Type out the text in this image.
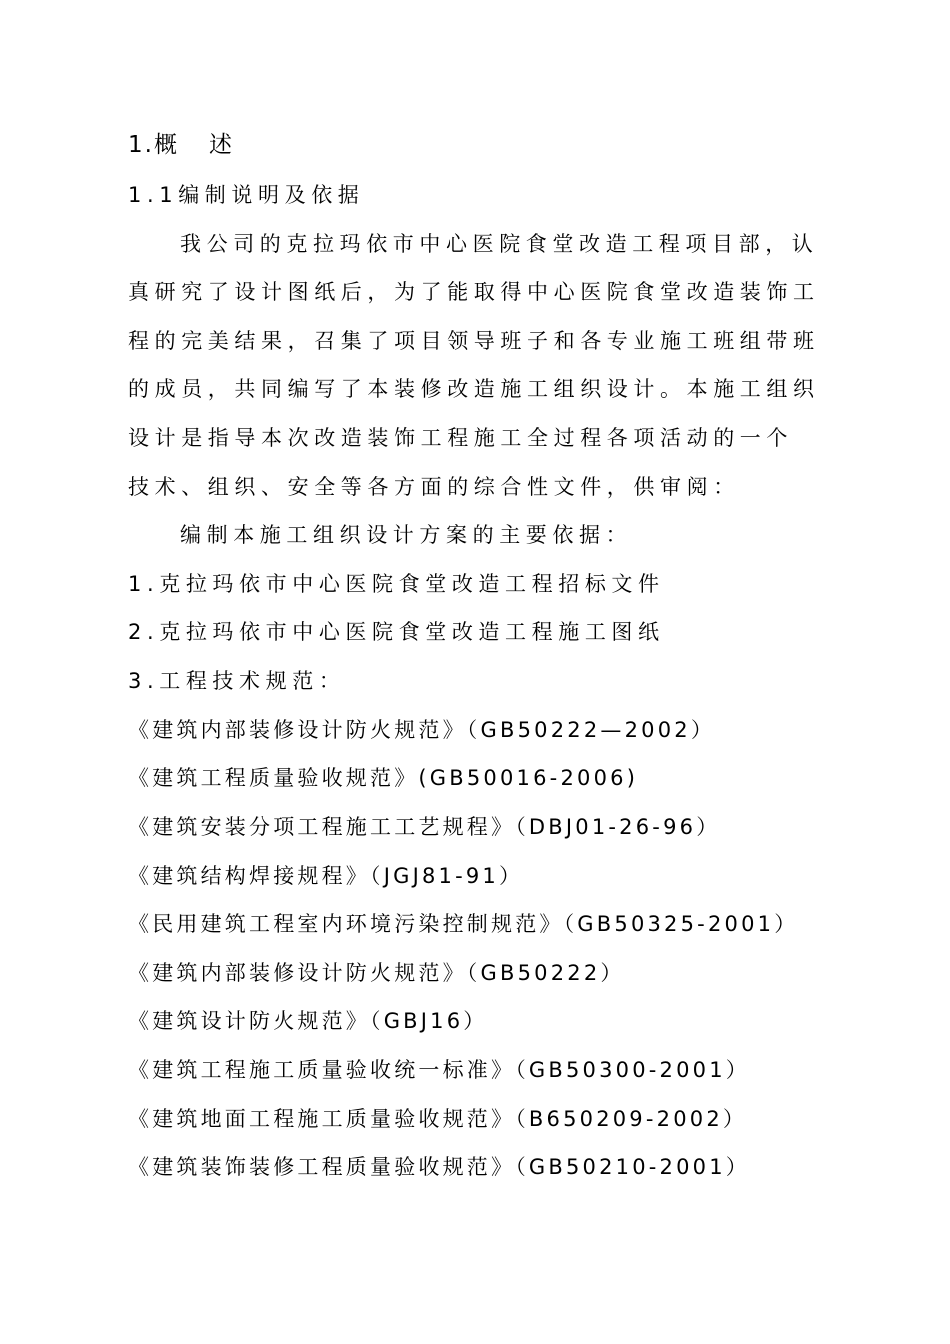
1.概 述
1.1编制说明及依据
我公司的克拉玛依市中心医院食堂改造工程项目部，认
真研究了设计图纸后，为了能取得中心医院食堂改造装饰工
程的完美结果，召集了项目领导班子和各专业施工班组带班
的成员，共同编写了本装修改造施工组织设计。本施工组织
设计是指导本次改造装饰工程施工全过程各项活动的一个
技术、组织、安全等各方面的综合性文件，供审阅：
编制本施工组织设计方案的主要依据：
1.克拉玛依市中心医院食堂改造工程招标文件
2.克拉玛依市中心医院食堂改造工程施工图纸
3.工程技术规范：
《建筑内部装修设计防火规范》（GB50222—2002）
《建筑工程质量验收规范》(GB50016-2006)
《建筑安装分项工程施工工艺规程》（DBJ01-26-96）
《建筑结构焊接规程》（JGJ81-91）
《民用建筑工程室内环境污染控制规范》（GB50325-2001）
《建筑内部装修设计防火规范》（GB50222）
《建筑设计防火规范》（GBJ16）
《建筑工程施工质量验收统一标准》（GB50300-2001）
《建筑地面工程施工质量验收规范》（B650209-2002）
《建筑装饰装修工程质量验收规范》（GB50210-2001）
